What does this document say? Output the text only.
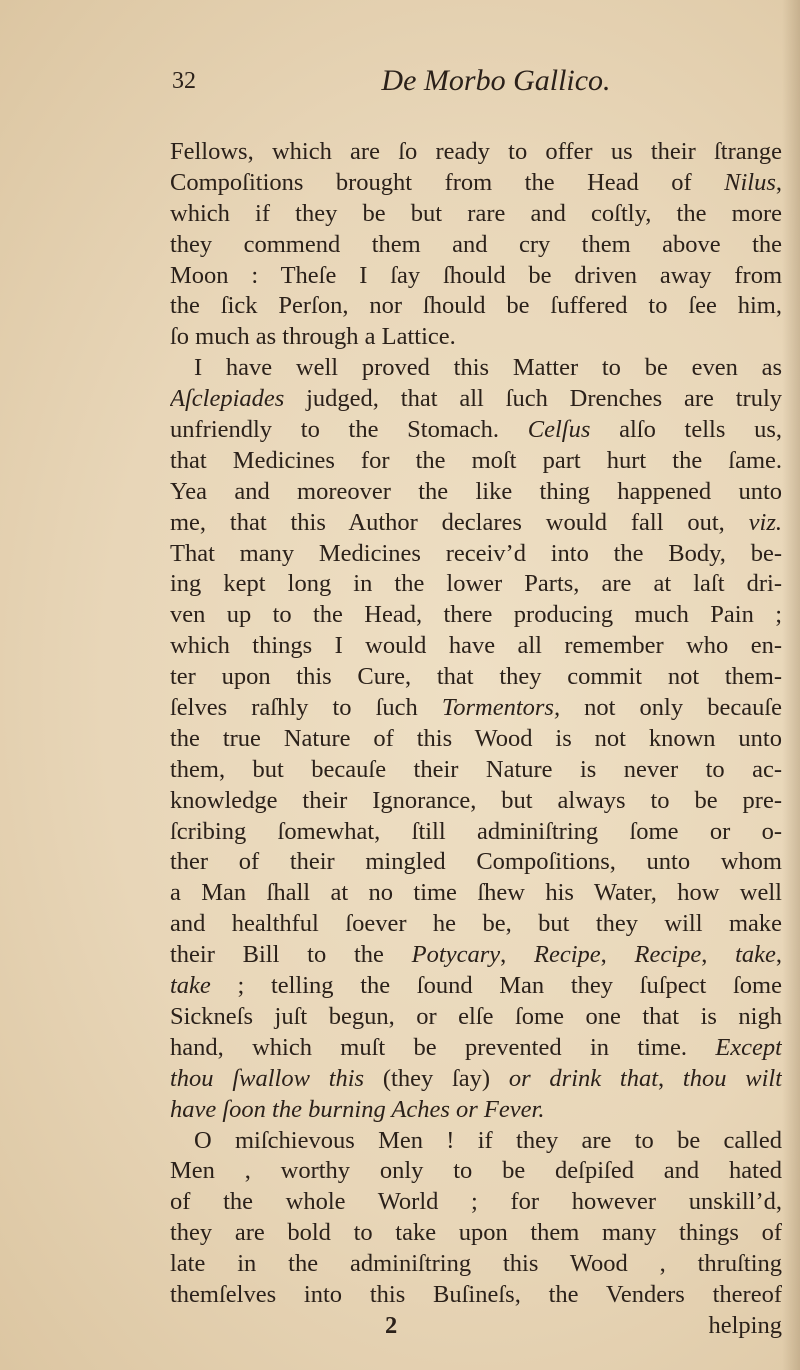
32	De Morbo Gallico.
Fellows, which are ſo ready to offer us their ſtrange
Compoſitions brought from the Head of Nilus,
which if they be but rare and coſtly, the more
they commend them and cry them above the
Moon : Theſe I ſay ſhould be driven away from
the ſick Perſon, nor ſhould be ſuffered to ſee him,
ſo much as through a Lattice.
I have well proved this Matter to be even as
Aſclepiades judged, that all ſuch Drenches are truly
unfriendly to the Stomach. Celſus alſo tells us,
that Medicines for the moſt part hurt the ſame.
Yea and moreover the like thing happened unto
me, that this Author declares would fall out, viz.
That many Medicines receiv’d into the Body, be-
ing kept long in the lower Parts, are at laſt dri-
ven up to the Head, there producing much Pain ;
which things I would have all remember who en-
ter upon this Cure, that they commit not them-
ſelves raſhly to ſuch Tormentors, not only becauſe
the true Nature of this Wood is not known unto
them, but becauſe their Nature is never to ac-
knowledge their Ignorance, but always to be pre-
ſcribing ſomewhat, ſtill adminiſtring ſome or o-
ther of their mingled Compoſitions, unto whom
a Man ſhall at no time ſhew his Water, how well
and healthful ſoever he be, but they will make
their Bill to the Potycary, Recipe, Recipe, take,
take ; telling the ſound Man they ſuſpect ſome
Sickneſs juſt begun, or elſe ſome one that is nigh
hand, which muſt be prevented in time. Except
thou ſwallow this (they ſay) or drink that, thou wilt
have ſoon the burning Aches or Fever.
O miſchievous Men ! if they are to be called
Men , worthy only to be deſpiſed and hated
of the whole World ; for however unskill’d,
they are bold to take upon them many things of
late in the adminiſtring this Wood , thruſting
themſelves into this Buſineſs, the Venders thereof
2	helping
